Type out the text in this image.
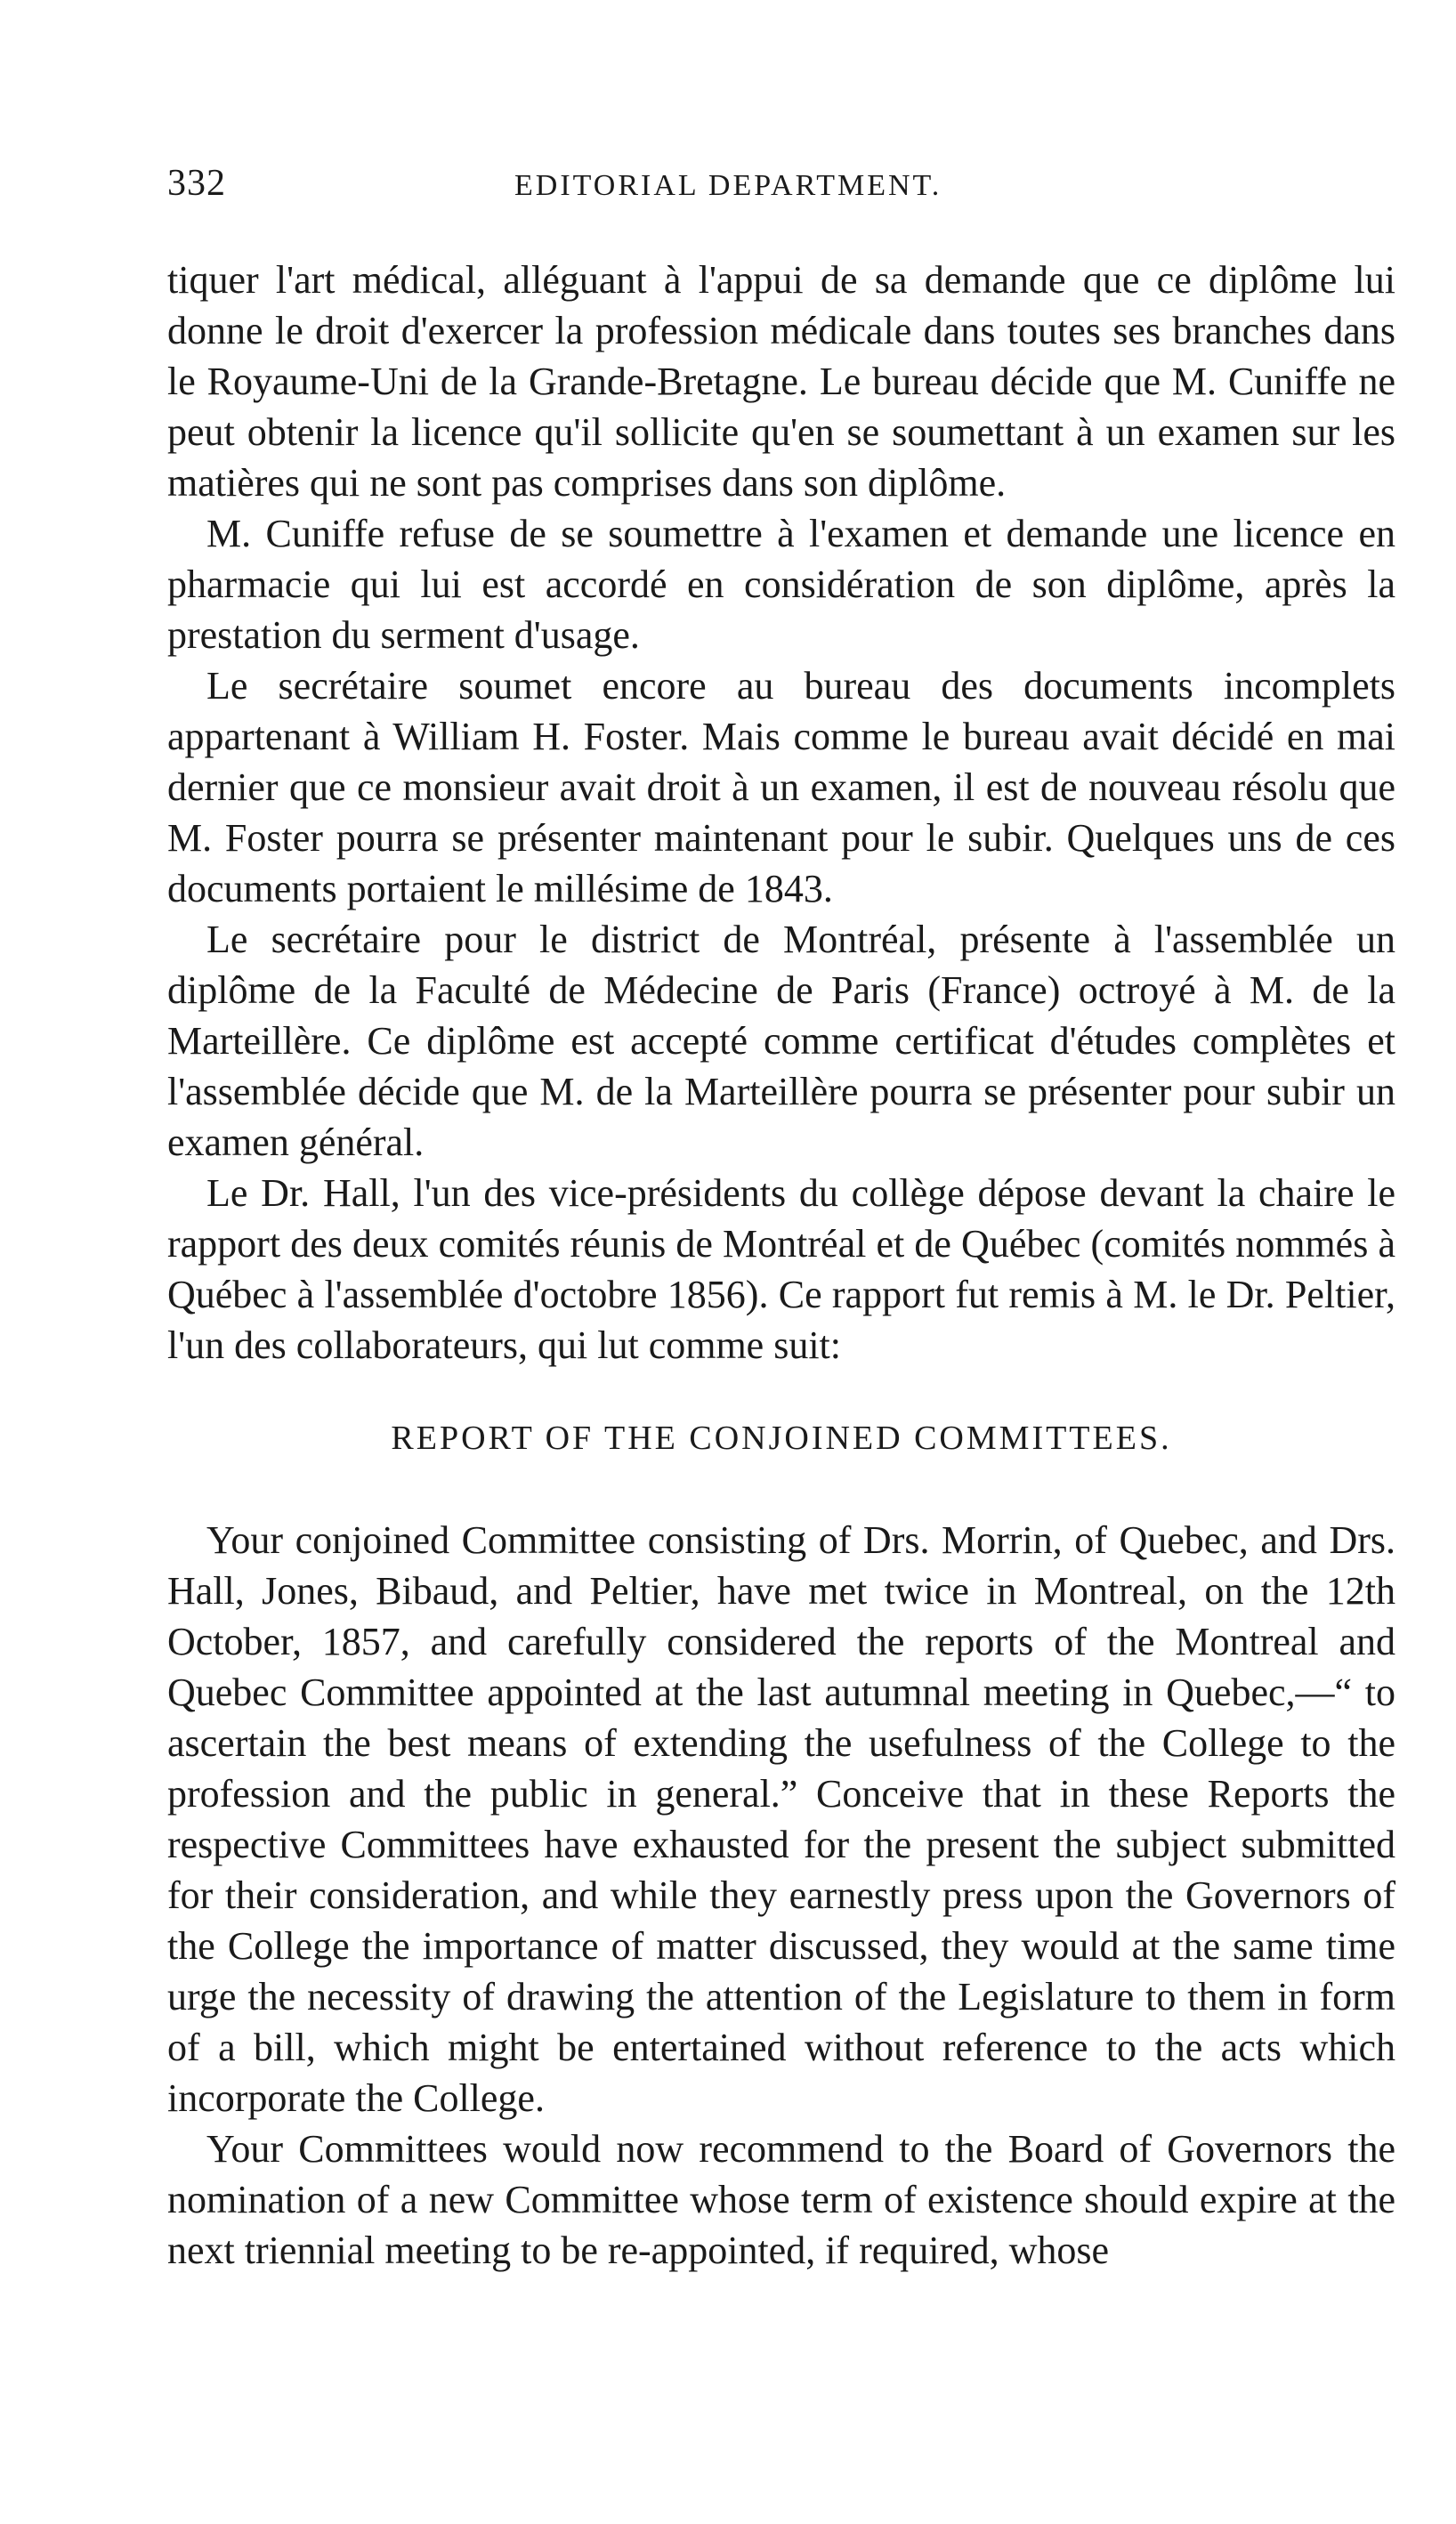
332	EDITORIAL DEPARTMENT.

tiquer l'art médical, alléguant à l'appui de sa demande que ce diplôme lui donne le droit d'exercer la profession médicale dans toutes ses branches dans le Royaume-Uni de la Grande-Bretagne. Le bureau décide que M. Cuniffe ne peut obtenir la licence qu'il sollicite qu'en se soumettant à un examen sur les matières qui ne sont pas comprises dans son diplôme.

M. Cuniffe refuse de se soumettre à l'examen et demande une licence en pharmacie qui lui est accordé en considération de son diplôme, après la prestation du serment d'usage.

Le secrétaire soumet encore au bureau des documents incomplets appartenant à William H. Foster. Mais comme le bureau avait décidé en mai dernier que ce monsieur avait droit à un examen, il est de nouveau résolu que M. Foster pourra se présenter maintenant pour le subir. Quelques uns de ces documents portaient le millésime de 1843.

Le secrétaire pour le district de Montréal, présente à l'assemblée un diplôme de la Faculté de Médecine de Paris (France) octroyé à M. de la Marteillère. Ce diplôme est accepté comme certificat d'études complètes et l'assemblée décide que M. de la Marteillère pourra se présenter pour subir un examen général.

Le Dr. Hall, l'un des vice-présidents du collège dépose devant la chaire le rapport des deux comités réunis de Montréal et de Québec (comités nommés à Québec à l'assemblée d'octobre 1856). Ce rapport fut remis à M. le Dr. Peltier, l'un des collaborateurs, qui lut comme suit:

REPORT OF THE CONJOINED COMMITTEES.

Your conjoined Committee consisting of Drs. Morrin, of Quebec, and Drs. Hall, Jones, Bibaud, and Peltier, have met twice in Montreal, on the 12th October, 1857, and carefully considered the reports of the Montreal and Quebec Committee appointed at the last autumnal meeting in Quebec,—“ to ascertain the best means of extending the usefulness of the College to the profession and the public in general.” Conceive that in these Reports the respective Committees have exhausted for the present the subject submitted for their consideration, and while they earnestly press upon the Governors of the College the importance of matter discussed, they would at the same time urge the necessity of drawing the attention of the Legislature to them in form of a bill, which might be entertained without reference to the acts which incorporate the College.

Your Committees would now recommend to the Board of Governors the nomination of a new Committee whose term of existence should expire at the next triennial meeting to be re-appointed, if required, whose
